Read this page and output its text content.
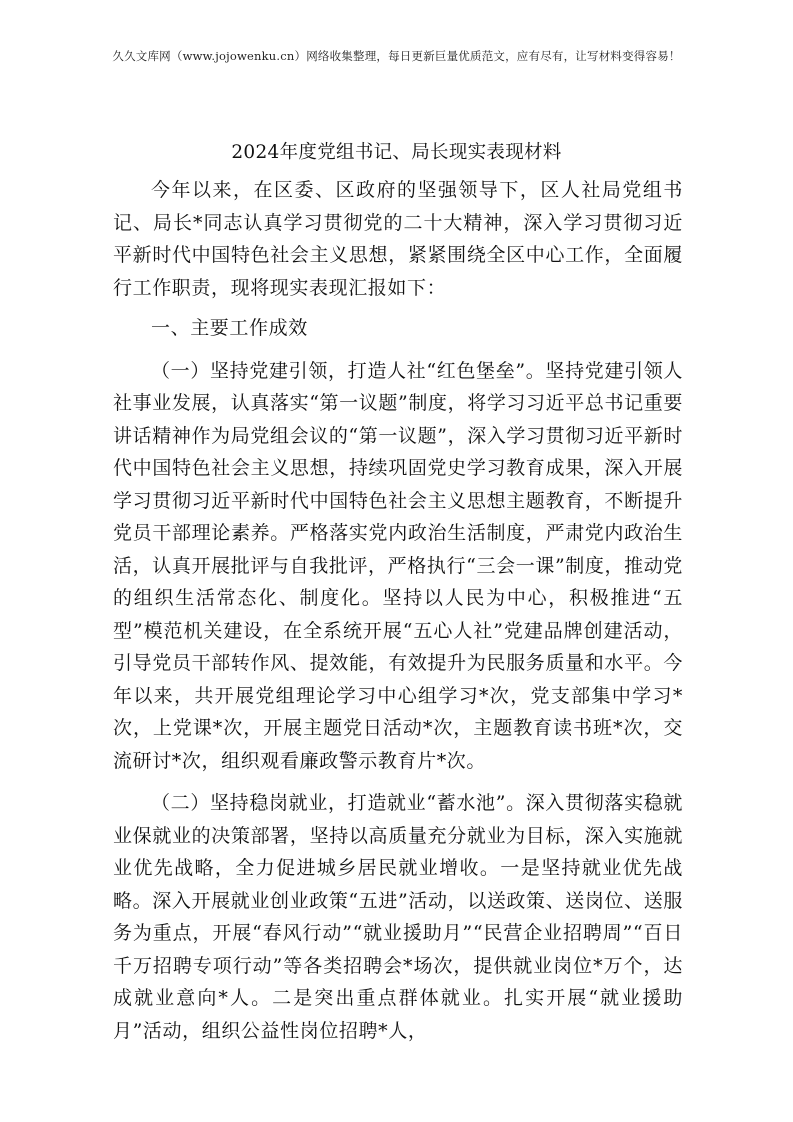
久久文库网（www.jojowenku.cn）网络收集整理，每日更新巨量优质范文，应有尽有，让写材料变得容易！
2024年度党组书记、局长现实表现材料

今年以来，在区委、区政府的坚强领导下，区人社局党组书记、局长*同志认真学习贯彻党的二十大精神，深入学习贯彻习近平新时代中国特色社会主义思想，紧紧围绕全区中心工作，全面履行工作职责，现将现实表现汇报如下：

一、主要工作成效

（一）坚持党建引领，打造人社“红色堡垒”。坚持党建引领人社事业发展，认真落实“第一议题”制度，将学习习近平总书记重要讲话精神作为局党组会议的“第一议题”，深入学习贯彻习近平新时代中国特色社会主义思想，持续巩固党史学习教育成果，深入开展学习贯彻习近平新时代中国特色社会主义思想主题教育，不断提升党员干部理论素养。严格落实党内政治生活制度，严肃党内政治生活，认真开展批评与自我批评，严格执行“三会一课”制度，推动党的组织生活常态化、制度化。坚持以人民为中心，积极推进“五型”模范机关建设，在全系统开展“五心人社”党建品牌创建活动，引导党员干部转作风、提效能，有效提升为民服务质量和水平。今年以来，共开展党组理论学习中心组学习*次，党支部集中学习*次，上党课*次，开展主题党日活动*次，主题教育读书班*次，交流研讨*次，组织观看廉政警示教育片*次。

（二）坚持稳岗就业，打造就业“蓄水池”。深入贯彻落实稳就业保就业的决策部署，坚持以高质量充分就业为目标，深入实施就业优先战略，全力促进城乡居民就业增收。一是坚持就业优先战略。深入开展就业创业政策“五进”活动，以送政策、送岗位、送服务为重点，开展“春风行动”“就业援助月”“民营企业招聘周”“百日千万招聘专项行动”等各类招聘会*场次，提供就业岗位*万个，达成就业意向*人。二是突出重点群体就业。扎实开展“就业援助月”活动，组织公益性岗位招聘*人，
